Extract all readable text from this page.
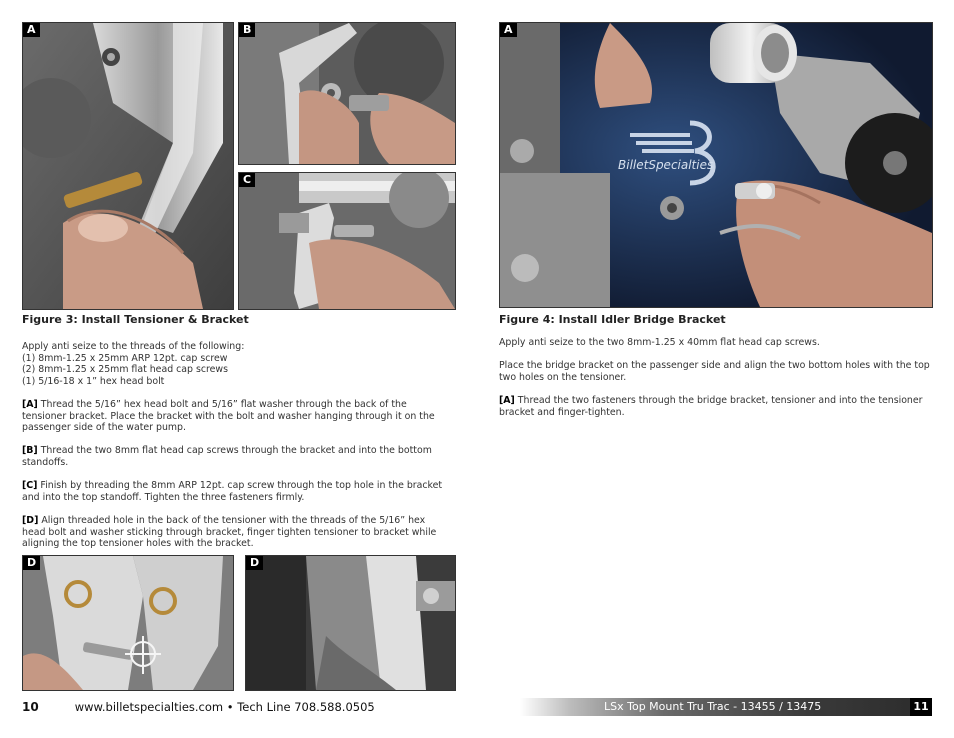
A	B
C
Figure 3: Install Tensioner & Bracket

Apply anti seize to the threads of the following:

(1) 8mm-1.25 x 25mm ARP 12pt. cap screw

(2) 8mm-1.25 x 25mm flat head cap screws

(1) 5/16-18 x 1” hex head bolt

[A] Thread the 5/16” hex head bolt and 5/16” flat washer through the back of the tensioner bracket. Place the bracket with the bolt and washer hanging through it on the passenger side of the water pump.

[B] Thread the two 8mm flat head cap screws through the bracket and into the bottom standoffs.

[C] Finish by threading the 8mm ARP 12pt. cap screw through the top hole in the bracket and into the top standoff. Tighten the three fasteners firmly.

[D] Align threaded hole in the back of the tensioner with the threads of the 5/16” hex head bolt and washer sticking through bracket, finger tighten tensioner to bracket while aligning the top tensioner holes with the bracket.

D	D
10	www.billetspecialties.com • Tech Line 708.588.0505
BilletSpecialties
A
Figure 4: Install Idler Bridge Bracket

Apply anti seize to the two 8mm-1.25 x 40mm flat head cap screws.

Place the bridge bracket on the passenger side and align the two bottom holes with the top two holes on the tensioner.

[A] Thread the two fasteners through the bridge bracket, tensioner and into the tensioner bracket and finger-tighten.

LSx Top Mount Tru Trac - 13455 / 13475	11
